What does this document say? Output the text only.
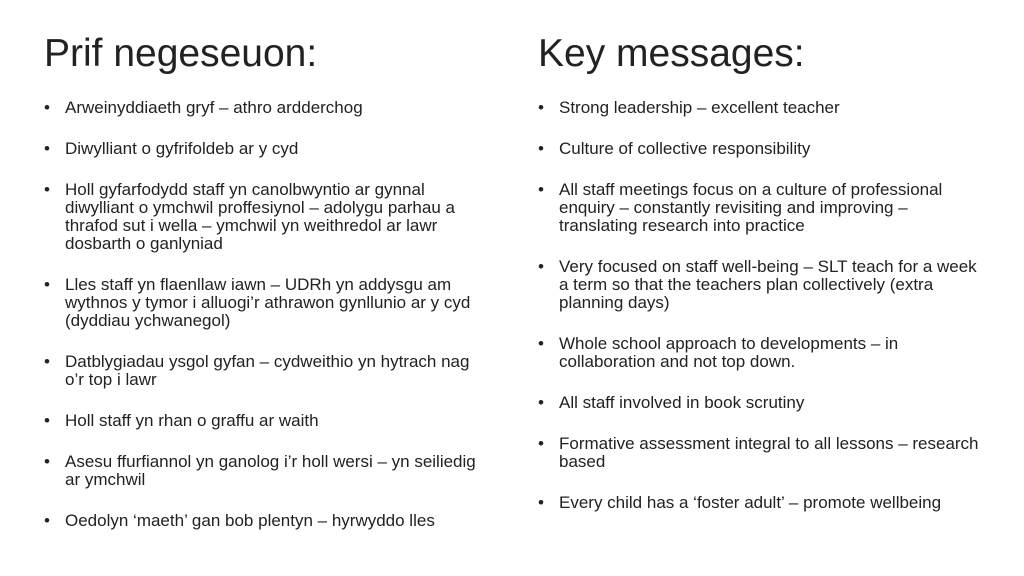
Prif negeseuon:
• Arweinyddiaeth gryf – athro ardderchog
• Diwylliant o gyfrifoldeb ar y cyd
• Holl gyfarfodydd staff yn canolbwyntio ar gynnal diwylliant o ymchwil proffesiynol – adolygu parhau a thrafod sut i wella – ymchwil yn weithredol ar lawr dosbarth o ganlyniad
• Lles staff yn flaenllaw iawn – UDRh yn addysgu am wythnos y tymor i alluogi’r athrawon gynllunio ar y cyd (dyddiau ychwanegol)
• Datblygiadau ysgol gyfan – cydweithio yn hytrach nag o’r top i lawr
• Holl staff yn rhan o graffu ar waith
• Asesu ffurfiannol yn ganolog i’r holl wersi – yn seiliedig ar ymchwil
• Oedolyn ‘maeth’ gan bob plentyn – hyrwyddo lles
Key messages:
• Strong leadership – excellent teacher
• Culture of collective responsibility
• All staff meetings focus on a culture of professional enquiry – constantly revisiting and improving – translating research into practice
• Very focused on staff well-being – SLT teach for a week a term so that the teachers plan collectively (extra planning days)
• Whole school approach to developments – in collaboration and not top down.
• All staff involved in book scrutiny
• Formative assessment integral to all lessons – research based
• Every child has a ‘foster adult’ – promote wellbeing
